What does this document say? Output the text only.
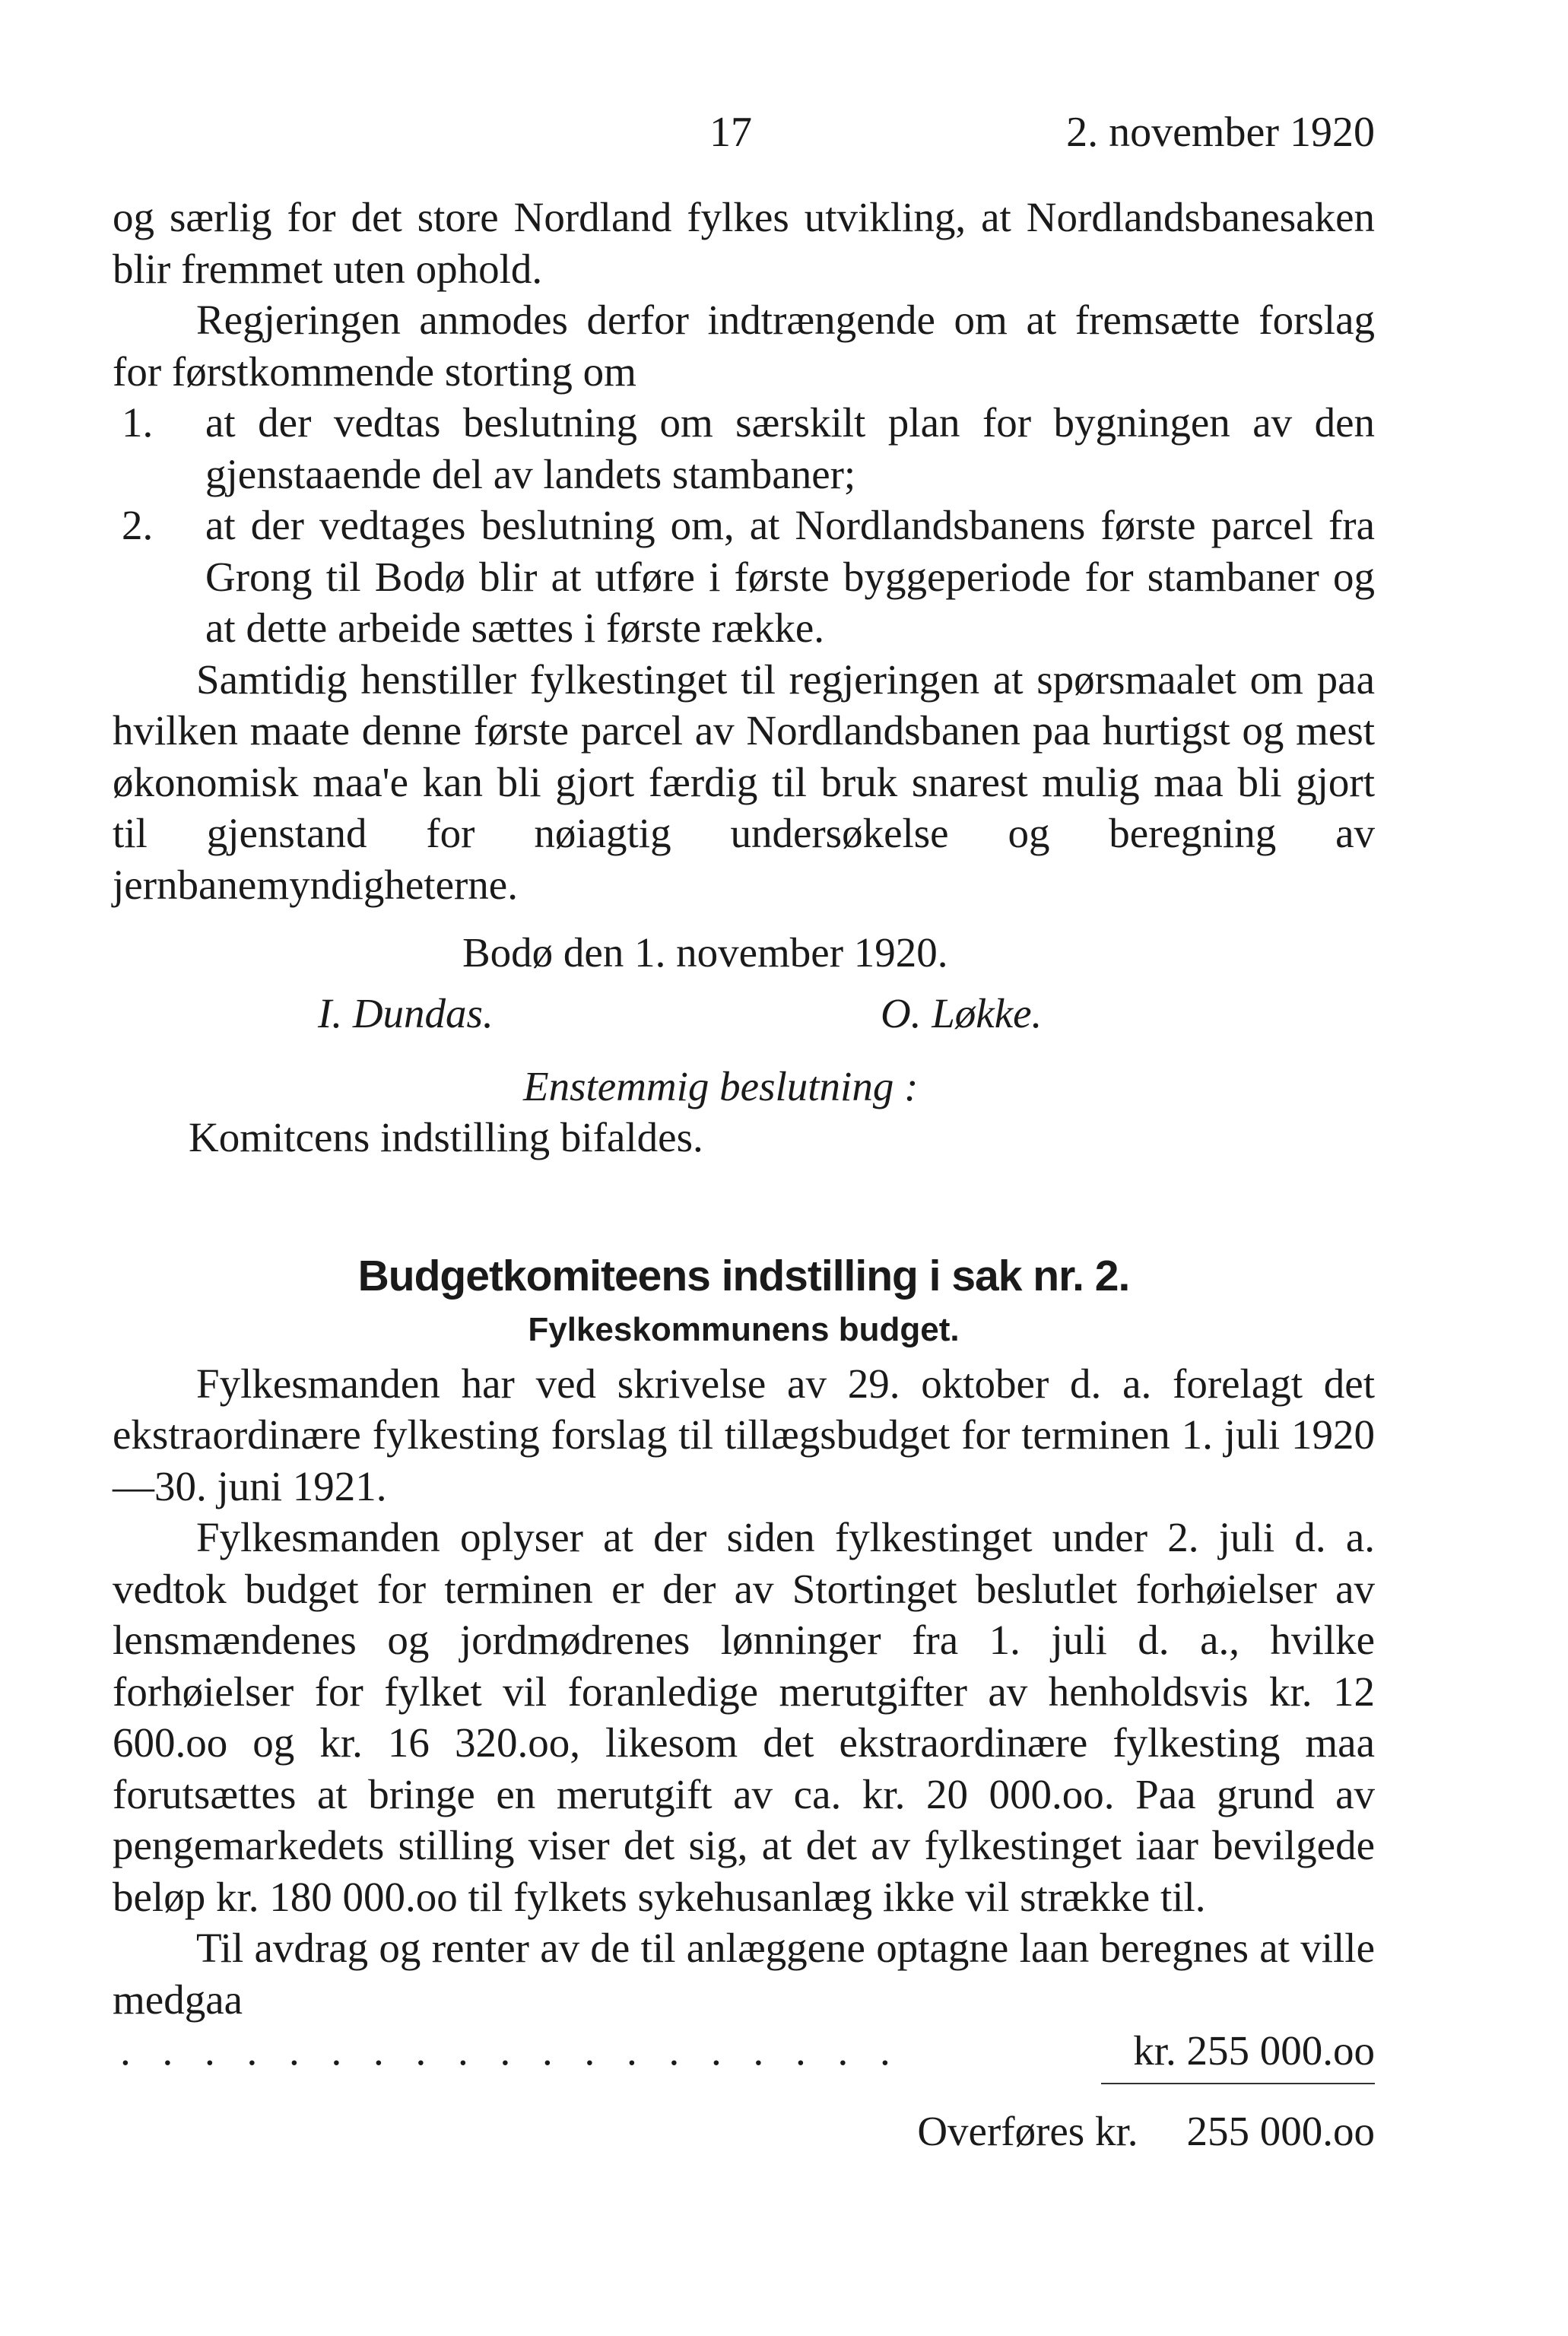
17	2. november 1920

og særlig for det store Nordland fylkes utvikling, at Nordlandsbanesaken blir fremmet uten ophold.

Regjeringen anmodes derfor indtrængende om at fremsætte forslag for førstkommende storting om

1.	at der vedtas beslutning om særskilt plan for bygningen av den gjenstaaende del av landets stambaner;
2.	at der vedtages beslutning om, at Nordlandsbanens første parcel fra Grong til Bodø blir at utføre i første byggeperiode for stambaner og at dette arbeide sættes i første række.

Samtidig henstiller fylkestinget til regjeringen at spørsmaalet om paa hvilken maate denne første parcel av Nordlandsbanen paa hurtigst og mest økonomisk maa'e kan bli gjort færdig til bruk snarest mulig maa bli gjort til gjenstand for nøiagtig undersøkelse og beregning av jernbanemyndigheterne.

Bodø den 1. november 1920.

I. Dundas.	O. Løkke.

Enstemmig beslutning :

Komitcens indstilling bifaldes.

Budgetkomiteens indstilling i sak nr. 2.

Fylkeskommunens budget.

Fylkesmanden har ved skrivelse av 29. oktober d. a. forelagt det ekstraordinære fylkesting forslag til tillægsbudget for terminen 1. juli 1920—30. juni 1921.

Fylkesmanden oplyser at der siden fylkestinget under 2. juli d. a. vedtok budget for terminen er der av Stortinget beslutlet forhøielser av lensmændenes og jordmødrenes lønninger fra 1. juli d. a., hvilke forhøielser for fylket vil foranledige merutgifter av henholdsvis kr. 12 600.oo og kr. 16 320.oo, likesom det ekstraordinære fylkesting maa forutsættes at bringe en merutgift av ca. kr. 20 000.oo. Paa grund av pengemarkedets stilling viser det sig, at det av fylkestinget iaar bevilgede beløp kr. 180 000.oo til fylkets sykehusanlæg ikke vil strække til.

Til avdrag og renter av de til anlæggene optagne laan beregnes at ville medgaa

. . . . . . . . . . . . . . . . . . .	kr. 255 000.oo

Overføres kr. 255 000.oo
